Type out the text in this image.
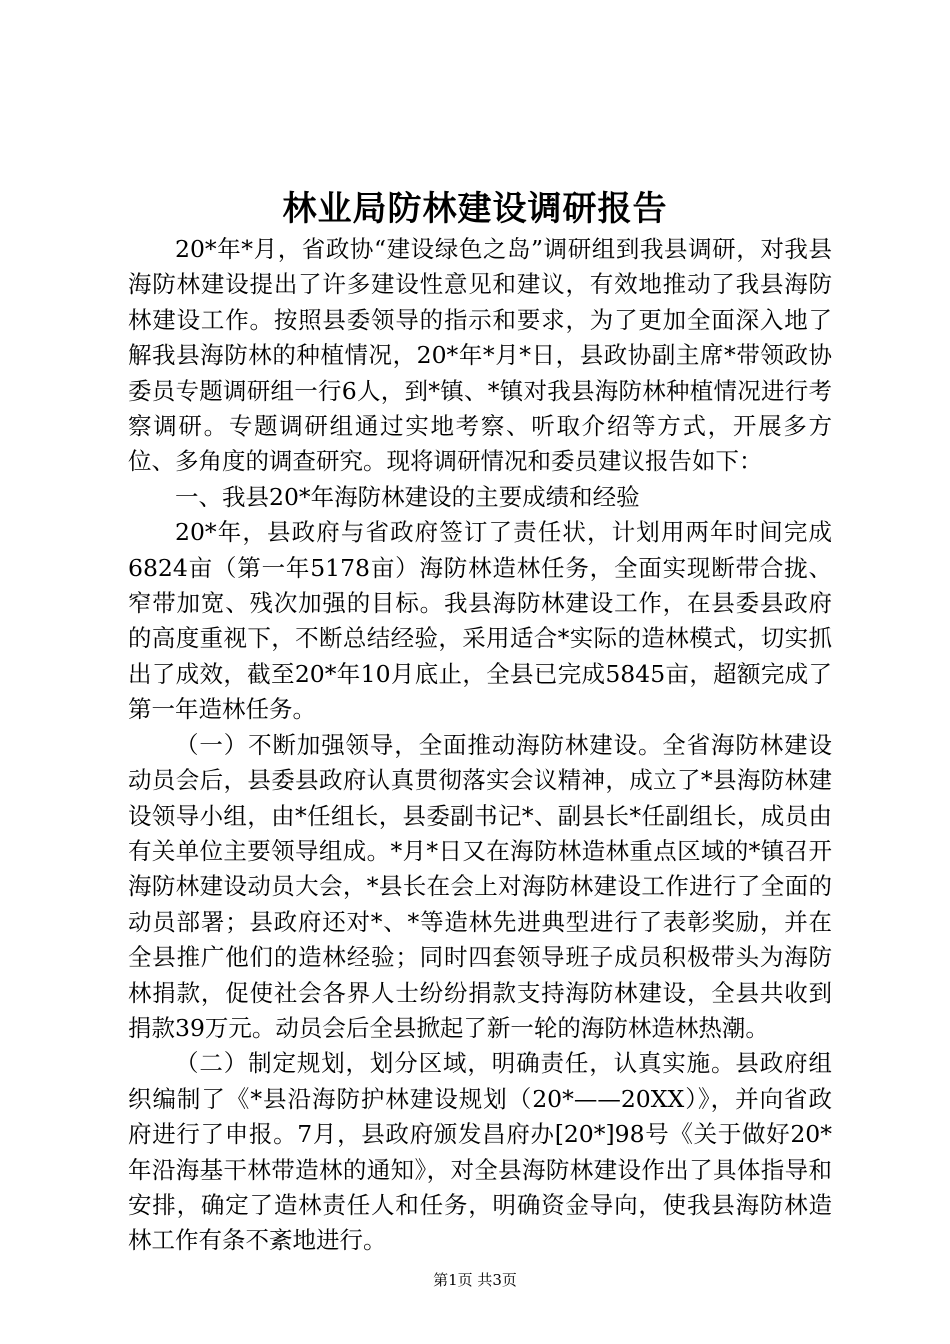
林业局防林建设调研报告

20*年*月，省政协“建设绿色之岛”调研组到我县调研，对我县海防林建设提出了许多建设性意见和建议，有效地推动了我县海防林建设工作。按照县委领导的指示和要求，为了更加全面深入地了解我县海防林的种植情况，20*年*月*日，县政协副主席*带领政协委员专题调研组一行6人，到*镇、*镇对我县海防林种植情况进行考察调研。专题调研组通过实地考察、听取介绍等方式，开展多方位、多角度的调查研究。现将调研情况和委员建议报告如下：

一、我县20*年海防林建设的主要成绩和经验

20*年，县政府与省政府签订了责任状，计划用两年时间完成6824亩（第一年5178亩）海防林造林任务，全面实现断带合拢、窄带加宽、残次加强的目标。我县海防林建设工作，在县委县政府的高度重视下，不断总结经验，采用适合*实际的造林模式，切实抓出了成效，截至20*年10月底止，全县已完成5845亩，超额完成了第一年造林任务。

（一）不断加强领导，全面推动海防林建设。全省海防林建设动员会后，县委县政府认真贯彻落实会议精神，成立了*县海防林建设领导小组，由*任组长，县委副书记*、副县长*任副组长，成员由有关单位主要领导组成。*月*日又在海防林造林重点区域的*镇召开海防林建设动员大会，*县长在会上对海防林建设工作进行了全面的动员部署；县政府还对*、*等造林先进典型进行了表彰奖励，并在全县推广他们的造林经验；同时四套领导班子成员积极带头为海防林捐款，促使社会各界人士纷纷捐款支持海防林建设，全县共收到捐款39万元。动员会后全县掀起了新一轮的海防林造林热潮。

（二）制定规划，划分区域，明确责任，认真实施。县政府组织编制了《*县沿海防护林建设规划（20*——20XX）》，并向省政府进行了申报。7月，县政府颁发昌府办[20*]98号《关于做好20*年沿海基干林带造林的通知》，对全县海防林建设作出了具体指导和安排，确定了造林责任人和任务，明确资金导向，使我县海防林造林工作有条不紊地进行。

第1页 共3页
